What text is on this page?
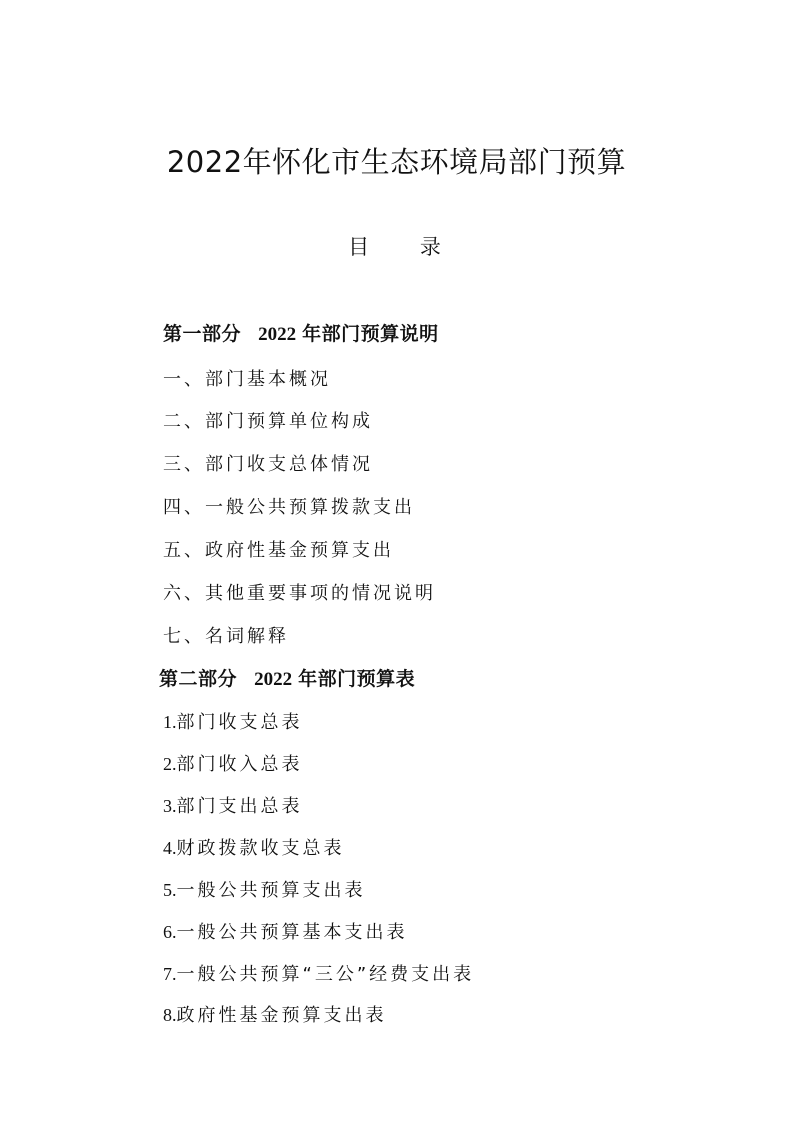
2022年怀化市生态环境局部门预算
目 录
第一部分 2022 年部门预算说明
一、部门基本概况
二、部门预算单位构成
三、部门收支总体情况
四、一般公共预算拨款支出
五、政府性基金预算支出
六、其他重要事项的情况说明
七、名词解释
第二部分 2022 年部门预算表
1.部门收支总表
2.部门收入总表
3.部门支出总表
4.财政拨款收支总表
5.一般公共预算支出表
6.一般公共预算基本支出表
7.一般公共预算“三公”经费支出表
8.政府性基金预算支出表
